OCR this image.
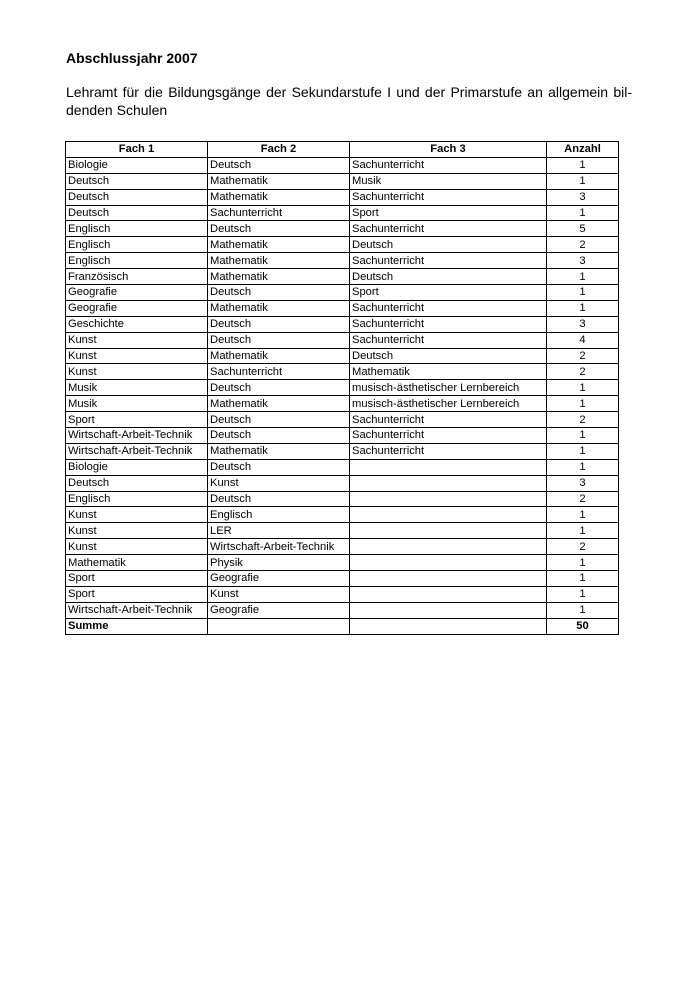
Abschlussjahr 2007

Lehramt für die Bildungsgänge der Sekundarstufe I und der Primarstufe an allgemein bil-denden Schulen

Fach 1	Fach 2	Fach 3	Anzahl
Biologie	Deutsch	Sachunterricht	1
Deutsch	Mathematik	Musik	1
Deutsch	Mathematik	Sachunterricht	3
Deutsch	Sachunterricht	Sport	1
Englisch	Deutsch	Sachunterricht	5
Englisch	Mathematik	Deutsch	2
Englisch	Mathematik	Sachunterricht	3
Französisch	Mathematik	Deutsch	1
Geografie	Deutsch	Sport	1
Geografie	Mathematik	Sachunterricht	1
Geschichte	Deutsch	Sachunterricht	3
Kunst	Deutsch	Sachunterricht	4
Kunst	Mathematik	Deutsch	2
Kunst	Sachunterricht	Mathematik	2
Musik	Deutsch	musisch-ästhetischer Lernbereich	1
Musik	Mathematik	musisch-ästhetischer Lernbereich	1
Sport	Deutsch	Sachunterricht	2
Wirtschaft-Arbeit-Technik	Deutsch	Sachunterricht	1
Wirtschaft-Arbeit-Technik	Mathematik	Sachunterricht	1
Biologie	Deutsch		1
Deutsch	Kunst		3
Englisch	Deutsch		2
Kunst	Englisch		1
Kunst	LER		1
Kunst	Wirtschaft-Arbeit-Technik		2
Mathematik	Physik		1
Sport	Geografie		1
Sport	Kunst		1
Wirtschaft-Arbeit-Technik	Geografie		1
Summe			50
